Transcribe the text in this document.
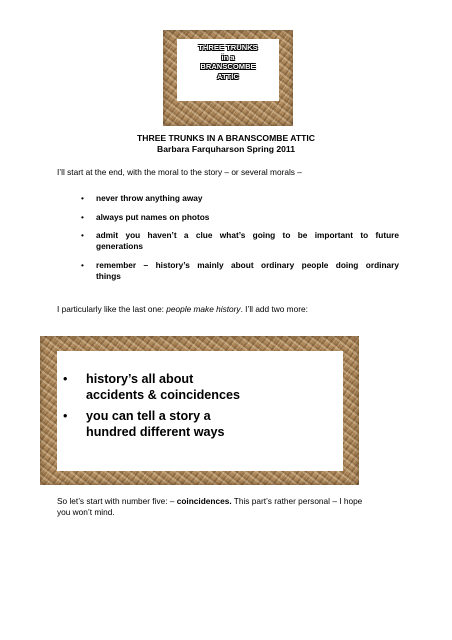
THREE TRUNKS
in a
BRANSCOMBE
ATTIC
THREE TRUNKS IN A BRANSCOMBE ATTIC
Barbara Farquharson Spring 2011
I’ll start at the end, with the moral to the story – or several morals –
• never throw anything away
• always put names on photos
• admit you haven’t a clue what’s going to be important to future
generations
• remember – history’s mainly about ordinary people doing ordinary
things
I particularly like the last one: people make history. I’ll add two more:
• history’s all about
accidents & coincidences
• you can tell a story a
hundred different ways
So let’s start with number five: – coincidences. This part’s rather personal – I hope
you won’t mind.
